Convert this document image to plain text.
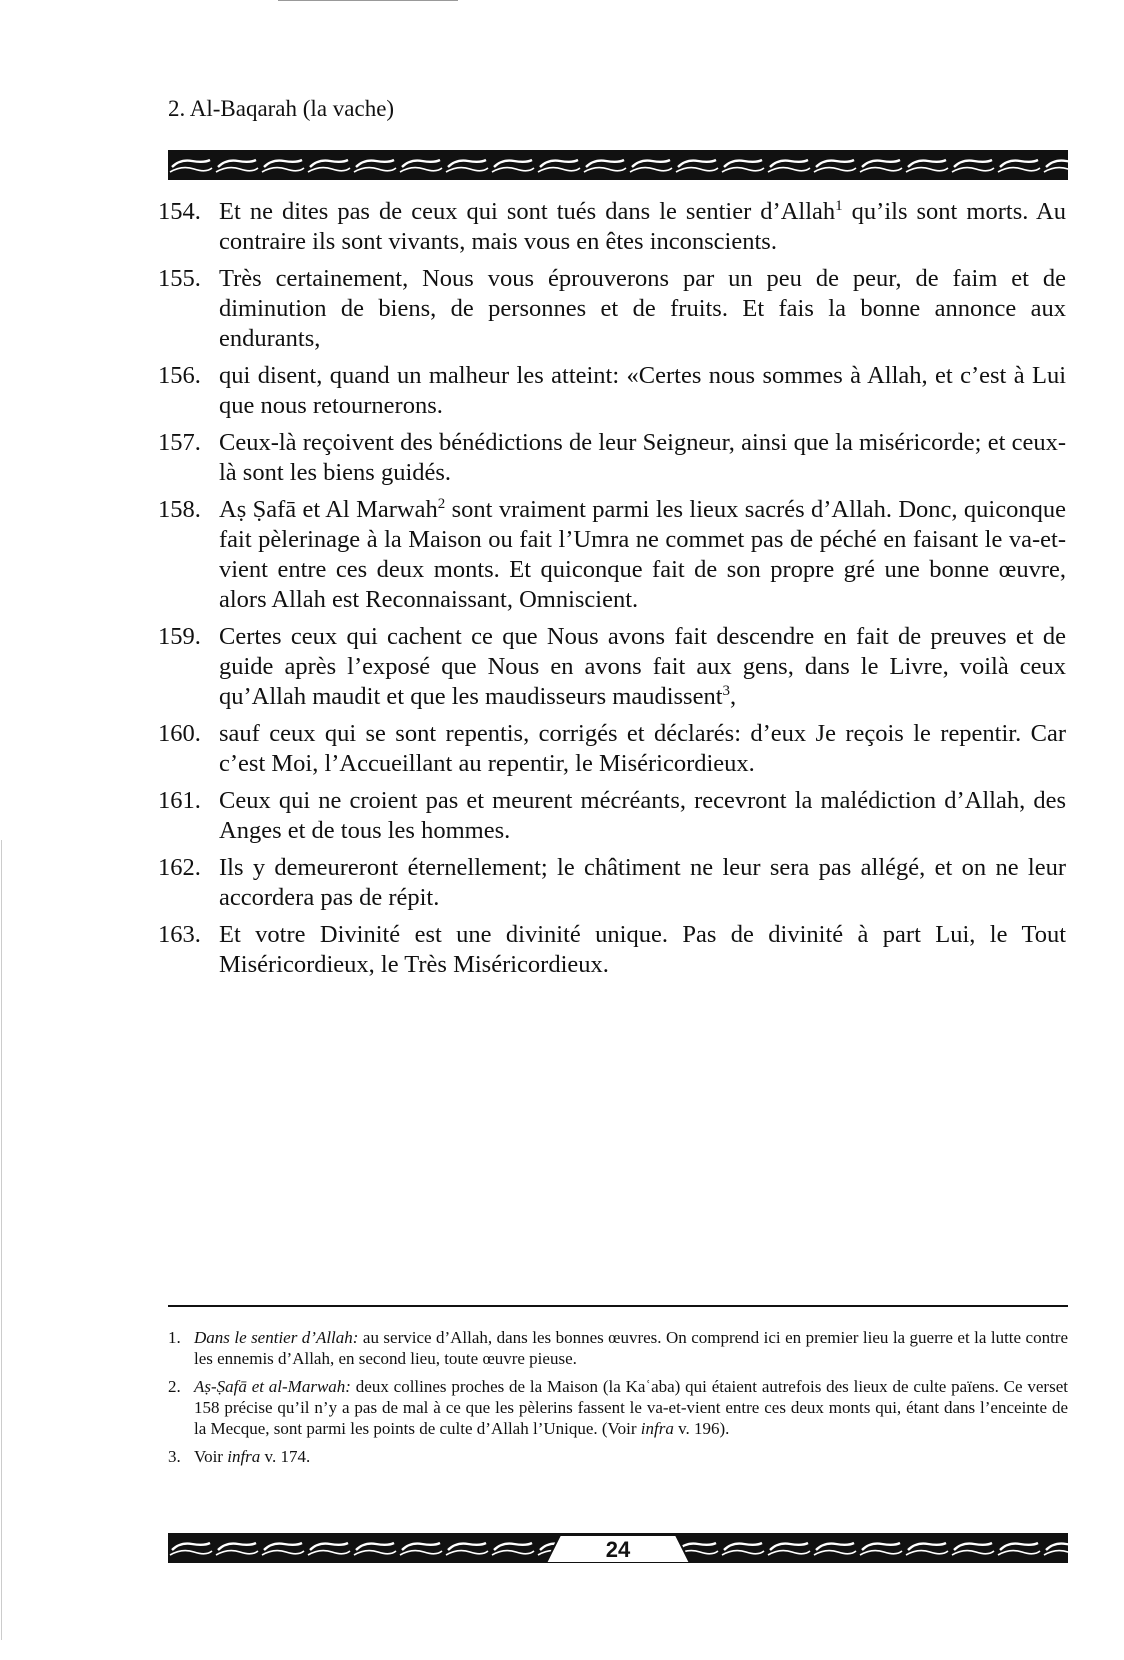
2. Al-Baqarah (la vache)
154. Et ne dites pas de ceux qui sont tués dans le sentier d’Allah$^1$ qu’ils sont morts. Au contraire ils sont vivants, mais vous en êtes inconscients.
155. Très certainement, Nous vous éprouverons par un peu de peur, de faim et de diminution de biens, de personnes et de fruits. Et fais la bonne annonce aux endurants,
156. qui disent, quand un malheur les atteint: «Certes nous sommes à Allah, et c’est à Lui que nous retournerons.
157. Ceux-là reçoivent des bénédictions de leur Seigneur, ainsi que la miséricorde; et ceux-là sont les biens guidés.
158. Aṣ Ṣafā et Al Marwah$^2$ sont vraiment parmi les lieux sacrés d’Allah. Donc, quiconque fait pèlerinage à la Maison ou fait l’Umra ne commet pas de péché en faisant le va-et-vient entre ces deux monts. Et quiconque fait de son propre gré une bonne œuvre, alors Allah est Reconnaissant, Omniscient.
159. Certes ceux qui cachent ce que Nous avons fait descendre en fait de preuves et de guide après l’exposé que Nous en avons fait aux gens, dans le Livre, voilà ceux qu’Allah maudit et que les maudisseurs maudissent$^3$,
160. sauf ceux qui se sont repentis, corrigés et déclarés: d’eux Je reçois le repentir. Car c’est Moi, l’Accueillant au repentir, le Miséricordieux.
161. Ceux qui ne croient pas et meurent mécréants, recevront la malédiction d’Allah, des Anges et de tous les hommes.
162. Ils y demeureront éternellement; le châtiment ne leur sera pas allégé, et on ne leur accordera pas de répit.
163. Et votre Divinité est une divinité unique. Pas de divinité à part Lui, le Tout Miséricordieux, le Très Miséricordieux.
1. Dans le sentier d’Allah: au service d’Allah, dans les bonnes œuvres. On comprend ici en premier lieu la guerre et la lutte contre les ennemis d’Allah, en second lieu, toute œuvre pieuse.
2. Aṣ-Ṣafā et al-Marwah: deux collines proches de la Maison (la Kaʿaba) qui étaient autrefois des lieux de culte païens. Ce verset 158 précise qu’il n’y a pas de mal à ce que les pèlerins fassent le va-et-vient entre ces deux monts qui, étant dans l’enceinte de la Mecque, sont parmi les points de culte d’Allah l’Unique. (Voir infra v. 196).
3. Voir infra v. 174.
24
